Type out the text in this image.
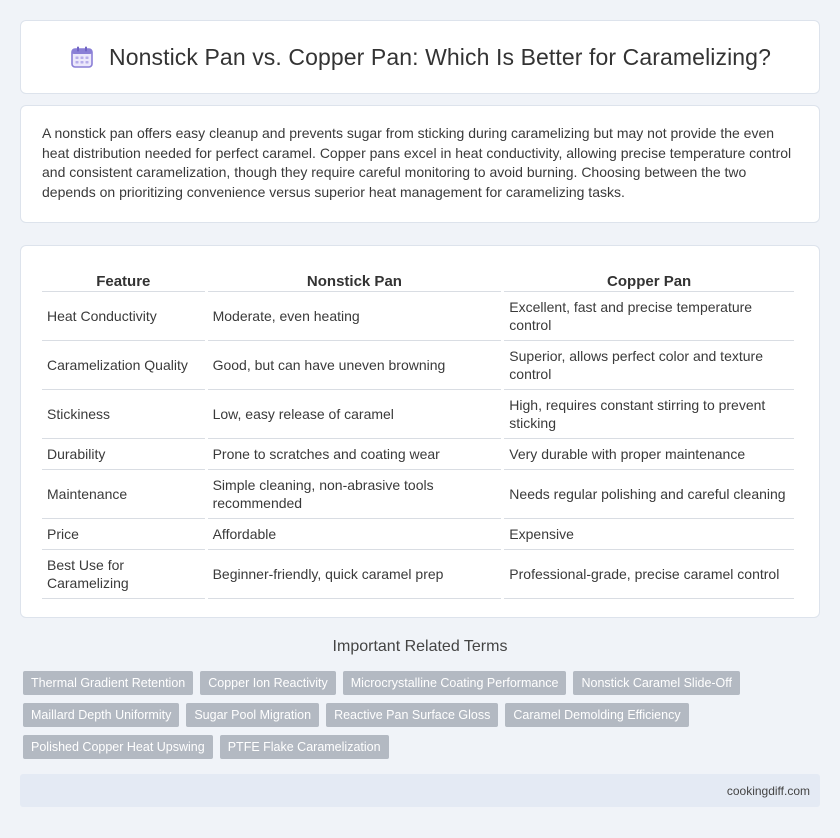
Nonstick Pan vs. Copper Pan: Which Is Better for Caramelizing?

A nonstick pan offers easy cleanup and prevents sugar from sticking during caramelizing but may not provide the even heat distribution needed for perfect caramel. Copper pans excel in heat conductivity, allowing precise temperature control and consistent caramelization, though they require careful monitoring to avoid burning. Choosing between the two depends on prioritizing convenience versus superior heat management for caramelizing tasks.

Feature	Nonstick Pan	Copper Pan
Heat Conductivity	Moderate, even heating	Excellent, fast and precise temperature control
Caramelization Quality	Good, but can have uneven browning	Superior, allows perfect color and texture control
Stickiness	Low, easy release of caramel	High, requires constant stirring to prevent sticking
Durability	Prone to scratches and coating wear	Very durable with proper maintenance
Maintenance	Simple cleaning, non-abrasive tools recommended	Needs regular polishing and careful cleaning
Price	Affordable	Expensive
Best Use for Caramelizing	Beginner-friendly, quick caramel prep	Professional-grade, precise caramel control
Important Related Terms
Thermal Gradient Retention	Copper Ion Reactivity	Microcrystalline Coating Performance	Nonstick Caramel Slide-Off
Maillard Depth Uniformity	Sugar Pool Migration	Reactive Pan Surface Gloss	Caramel Demolding Efficiency
Polished Copper Heat Upswing	PTFE Flake Caramelization
cookingdiff.com
